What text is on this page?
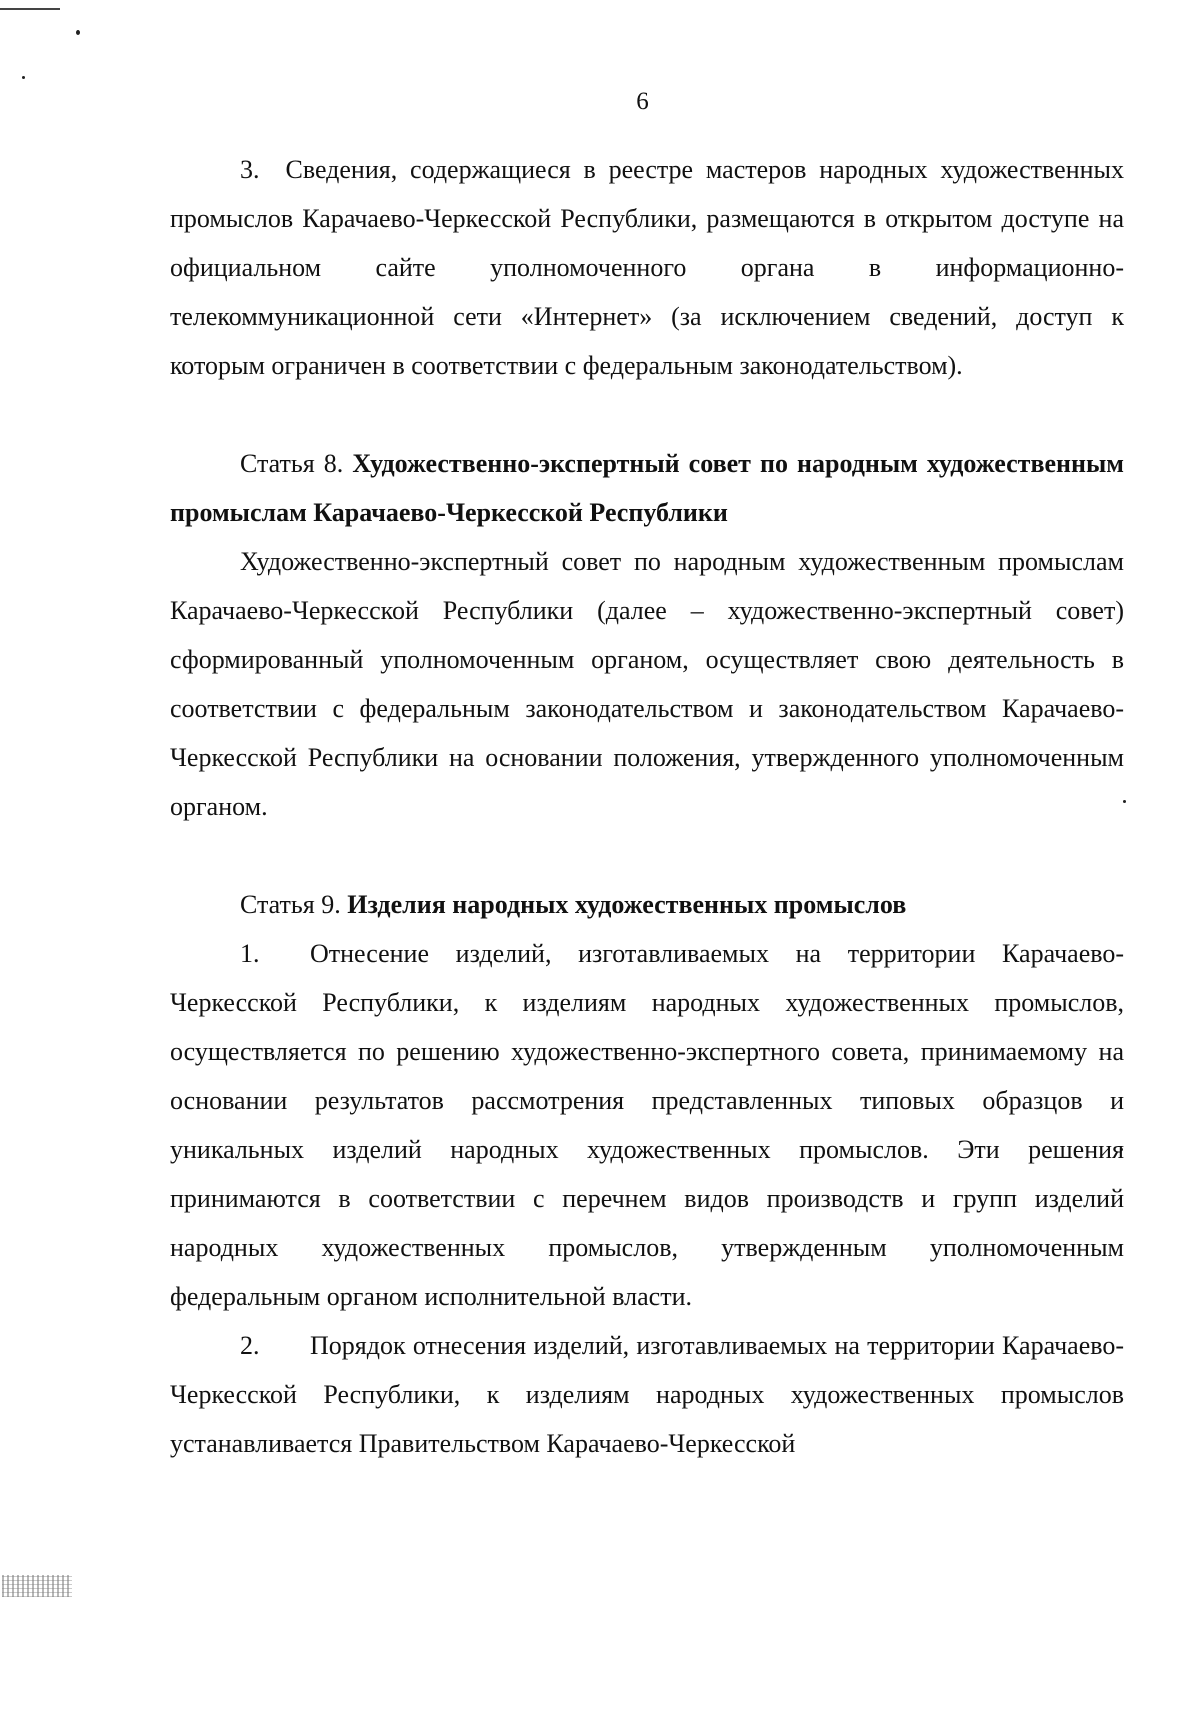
6

3. Сведения, содержащиеся в реестре мастеров народных художественных промыслов Карачаево-Черкесской Республики, размещаются в открытом доступе на официальном сайте уполномоченного органа в информационно-телекоммуникационной сети «Интернет» (за исключением сведений, доступ к которым ограничен в соответствии с федеральным законодательством).

Статья 8. Художественно-экспертный совет по народным художественным промыслам Карачаево-Черкесской Республики

Художественно-экспертный совет по народным художественным промыслам Карачаево-Черкесской Республики (далее – художественно-экспертный совет) сформированный уполномоченным органом, осуществляет свою деятельность в соответствии с федеральным законодательством и законодательством Карачаево-Черкесской Республики на основании положения, утвержденного уполномоченным органом.

Статья 9. Изделия народных художественных промыслов

1. Отнесение изделий, изготавливаемых на территории Карачаево-Черкесской Республики, к изделиям народных художественных промыслов, осуществляется по решению художественно-экспертного совета, принимаемому на основании результатов рассмотрения представленных типовых образцов и уникальных изделий народных художественных промыслов. Эти решения принимаются в соответствии с перечнем видов производств и групп изделий народных художественных промыслов, утвержденным уполномоченным федеральным органом исполнительной власти.

2. Порядок отнесения изделий, изготавливаемых на территории Карачаево-Черкесской Республики, к изделиям народных художественных промыслов устанавливается Правительством Карачаево-Черкесской
